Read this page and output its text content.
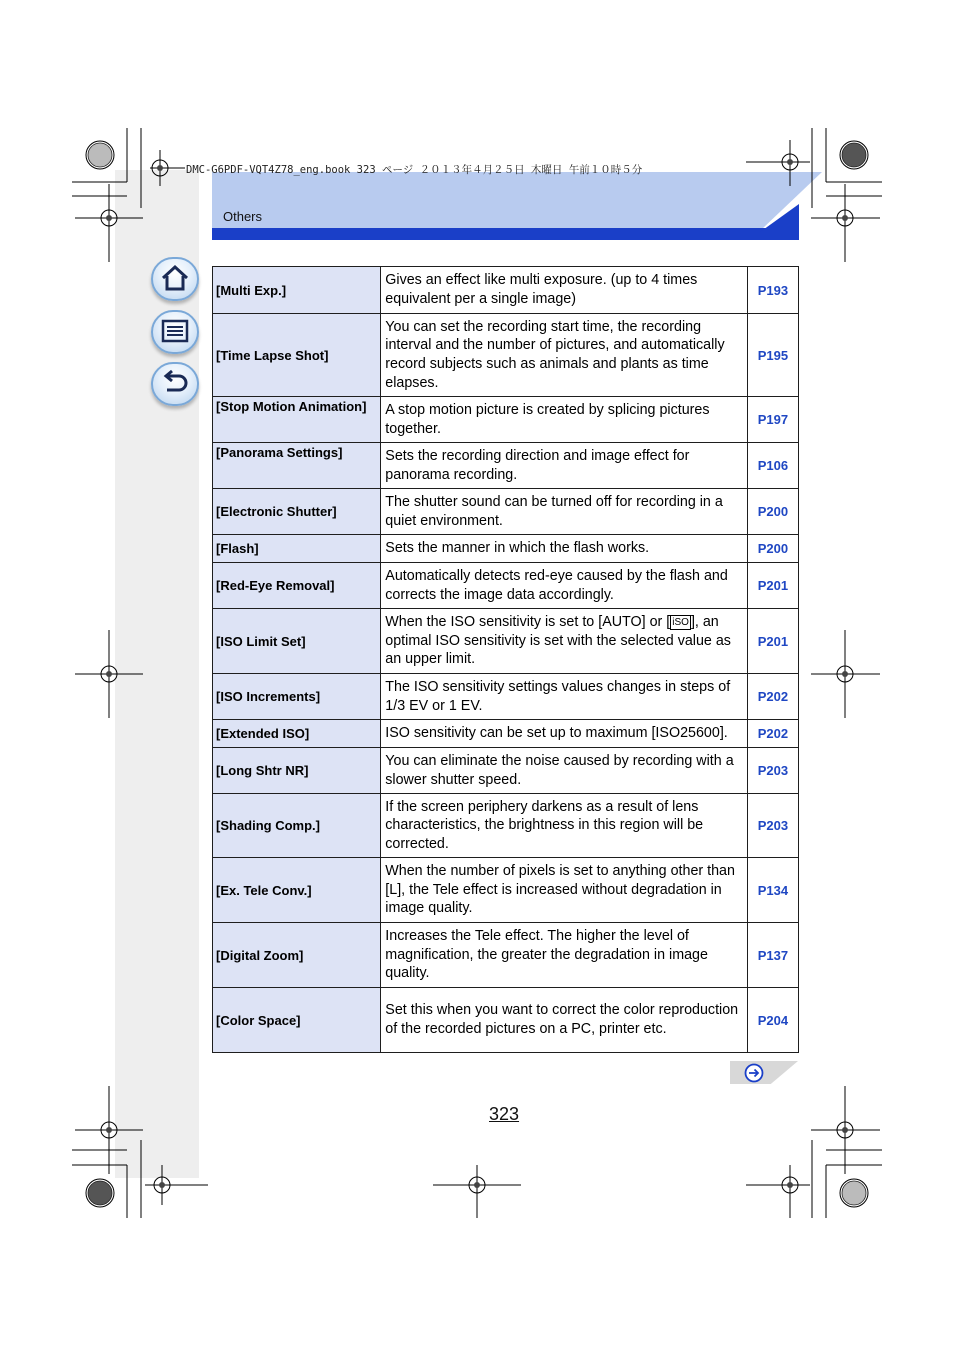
Others
DMC-G6PDF-VQT4Z78_eng.book 323 ページ ２０１３年４月２５日 木曜日 午前１０時５分
[Multi Exp.]	Gives an effect like multi exposure. (up to 4 times equivalent per a single image)	P193
[Time Lapse Shot]	You can set the recording start time, the recording interval and the number of pictures, and automatically record subjects such as animals and plants as time elapses.	P195
[Stop Motion Animation]	A stop motion picture is created by splicing pictures together.	P197
[Panorama Settings]	Sets the recording direction and image effect for panorama recording.	P106
[Electronic Shutter]	The shutter sound can be turned off for recording in a quiet environment.	P200
[Flash]	Sets the manner in which the flash works.	P200
[Red-Eye Removal]	Automatically detects red-eye caused by the flash and corrects the image data accordingly.	P201
[ISO Limit Set]	When the ISO sensitivity is set to [AUTO] or [ iSO ], an optimal ISO sensitivity is set with the selected value as an upper limit.	P201
[ISO Increments]	The ISO sensitivity settings values changes in steps of 1/3 EV or 1 EV.	P202
[Extended ISO]	ISO sensitivity can be set up to maximum [ISO25600].	P202
[Long Shtr NR]	You can eliminate the noise caused by recording with a slower shutter speed.	P203
[Shading Comp.]	If the screen periphery darkens as a result of lens characteristics, the brightness in this region will be corrected.	P203
[Ex. Tele Conv.]	When the number of pixels is set to anything other than [L], the Tele effect is increased without degradation in image quality.	P134
[Digital Zoom]	Increases the Tele effect. The higher the level of magnification, the greater the degradation in image quality.	P137
[Color Space]	Set this when you want to correct the color reproduction of the recorded pictures on a PC, printer etc.	P204
323
